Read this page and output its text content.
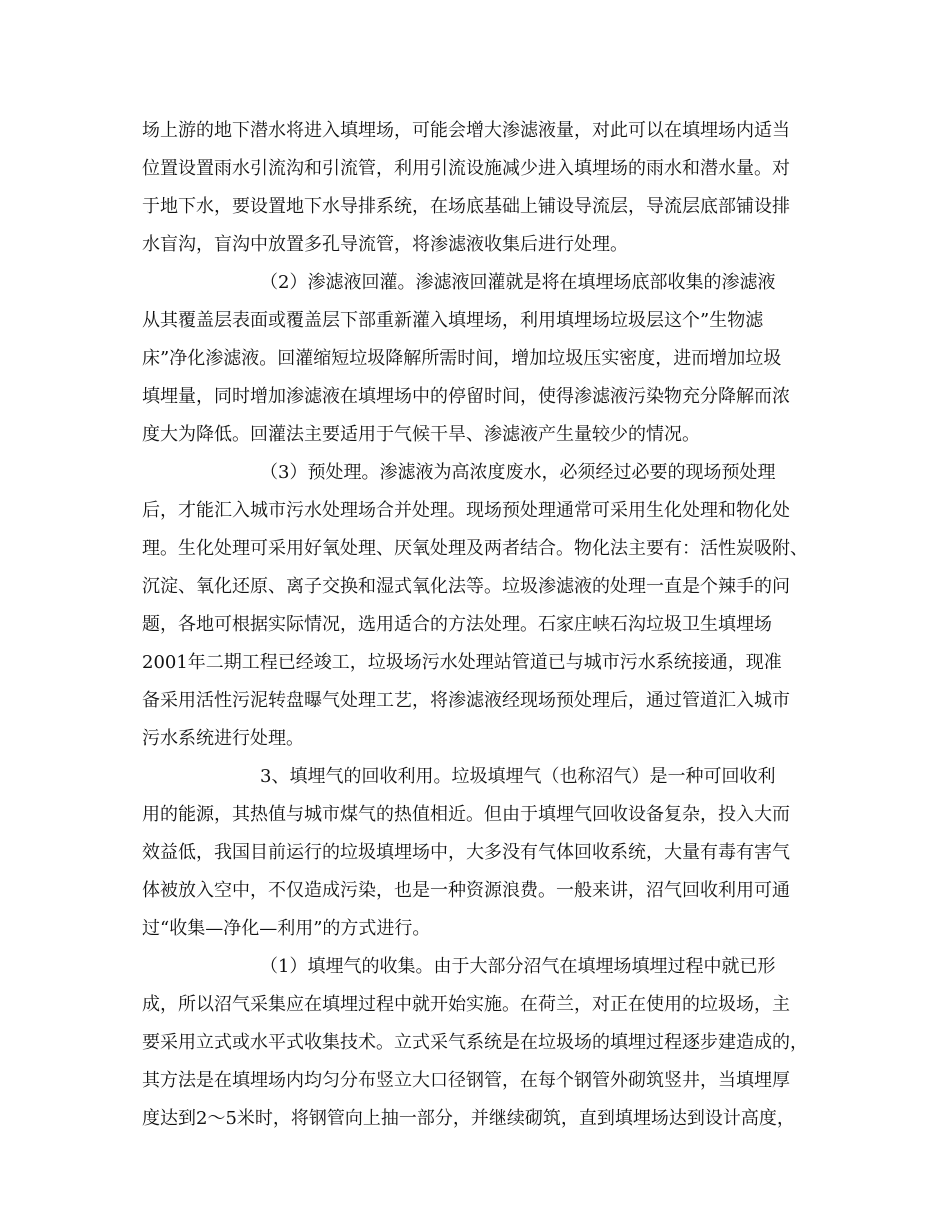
场上游的地下潜水将进入填埋场，可能会增大渗滤液量，对此可以在填埋场内适当
位置设置雨水引流沟和引流管，利用引流设施减少进入填埋场的雨水和潜水量。对
于地下水，要设置地下水导排系统，在场底基础上铺设导流层，导流层底部铺设排
水盲沟，盲沟中放置多孔导流管，将渗滤液收集后进行处理。
（2）渗滤液回灌。渗滤液回灌就是将在填埋场底部收集的渗滤液
从其覆盖层表面或覆盖层下部重新灌入填埋场，利用填埋场垃圾层这个”生物滤
床”净化渗滤液。回灌缩短垃圾降解所需时间，增加垃圾压实密度，进而增加垃圾
填埋量，同时增加渗滤液在填埋场中的停留时间，使得渗滤液污染物充分降解而浓
度大为降低。回灌法主要适用于气候干旱、渗滤液产生量较少的情况。
（3）预处理。渗滤液为高浓度废水，必须经过必要的现场预处理
后，才能汇入城市污水处理场合并处理。现场预处理通常可采用生化处理和物化处
理。生化处理可采用好氧处理、厌氧处理及两者结合。物化法主要有：活性炭吸附、
沉淀、氧化还原、离子交换和湿式氧化法等。垃圾渗滤液的处理一直是个辣手的问
题，各地可根据实际情况，选用适合的方法处理。石家庄峡石沟垃圾卫生填埋场
2001年二期工程已经竣工，垃圾场污水处理站管道已与城市污水系统接通，现准
备采用活性污泥转盘曝气处理工艺，将渗滤液经现场预处理后，通过管道汇入城市
污水系统进行处理。
3、填埋气的回收利用。垃圾填埋气（也称沼气）是一种可回收利
用的能源，其热值与城市煤气的热值相近。但由于填埋气回收设备复杂，投入大而
效益低，我国目前运行的垃圾填埋场中，大多没有气体回收系统，大量有毒有害气
体被放入空中，不仅造成污染，也是一种资源浪费。一般来讲，沼气回收利用可通
过“收集—净化—利用”的方式进行。
（1）填埋气的收集。由于大部分沼气在填埋场填埋过程中就已形
成，所以沼气采集应在填埋过程中就开始实施。在荷兰，对正在使用的垃圾场，主
要采用立式或水平式收集技术。立式采气系统是在垃圾场的填埋过程逐步建造成的，
其方法是在填埋场内均匀分布竖立大口径钢管，在每个钢管外砌筑竖井，当填埋厚
度达到2～5米时，将钢管向上抽一部分，并继续砌筑，直到填埋场达到设计高度，
